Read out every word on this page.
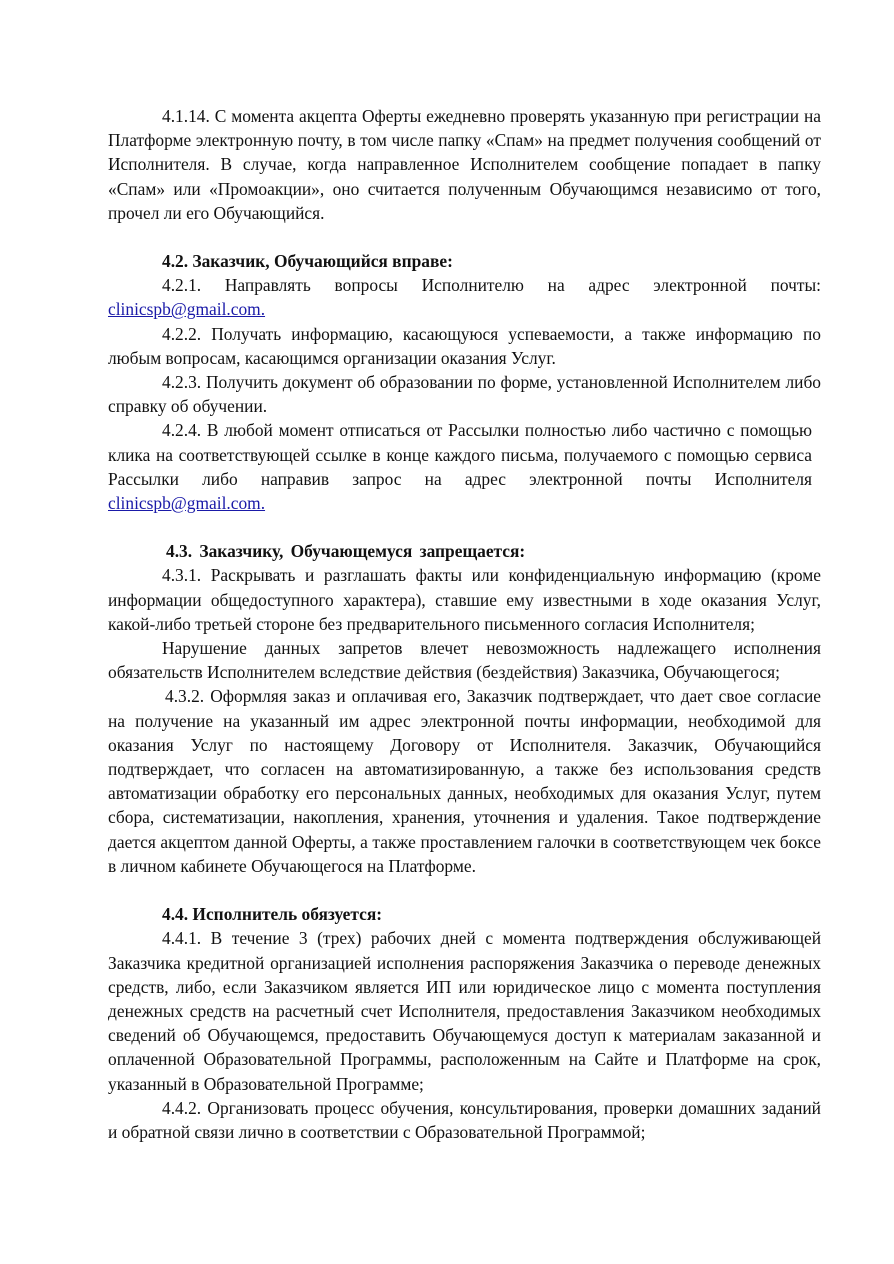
4.1.14. С момента акцепта Оферты ежедневно проверять указанную при регистрации на Платформе электронную почту, в том числе папку «Спам» на предмет получения сообщений от Исполнителя. В случае, когда направленное Исполнителем сообщение попадает в папку «Спам» или «Промоакции», оно считается полученным Обучающимся независимо от того, прочел ли его Обучающийся.

4.2. Заказчик, Обучающийся вправе:

4.2.1. Направлять вопросы Исполнителю на адрес электронной почты: clinicspb@gmail.com.

4.2.2. Получать информацию, касающуюся успеваемости, а также информацию по любым вопросам, касающимся организации оказания Услуг.

4.2.3. Получить документ об образовании по форме, установленной Исполнителем либо справку об обучении.

4.2.4. В любой момент отписаться от Рассылки полностью либо частично с помощью клика на соответствующей ссылке в конце каждого письма, получаемого с помощью сервиса Рассылки либо направив запрос на адрес электронной почты Исполнителя clinicspb@gmail.com.

4.3. Заказчику, Обучающемуся запрещается:

4.3.1. Раскрывать и разглашать факты или конфиденциальную информацию (кроме информации общедоступного характера), ставшие ему известными в ходе оказания Услуг, какой-либо третьей стороне без предварительного письменного согласия Исполнителя;

Нарушение данных запретов влечет невозможность надлежащего исполнения обязательств Исполнителем вследствие действия (бездействия) Заказчика, Обучающегося;

4.3.2. Оформляя заказ и оплачивая его, Заказчик подтверждает, что дает свое согласие на получение на указанный им адрес электронной почты информации, необходимой для оказания Услуг по настоящему Договору от Исполнителя. Заказчик, Обучающийся подтверждает, что согласен на автоматизированную, а также без использования средств автоматизации обработку его персональных данных, необходимых для оказания Услуг, путем сбора, систематизации, накопления, хранения, уточнения и удаления. Такое подтверждение дается акцептом данной Оферты, а также проставлением галочки в соответствующем чек боксе в личном кабинете Обучающегося на Платформе.

4.4. Исполнитель обязуется:

4.4.1. В течение 3 (трех) рабочих дней с момента подтверждения обслуживающей Заказчика кредитной организацией исполнения распоряжения Заказчика о переводе денежных средств, либо, если Заказчиком является ИП или юридическое лицо с момента поступления денежных средств на расчетный счет Исполнителя, предоставления Заказчиком необходимых сведений об Обучающемся, предоставить Обучающемуся доступ к материалам заказанной и оплаченной Образовательной Программы, расположенным на Сайте и Платформе на срок, указанный в Образовательной Программе;

4.4.2. Организовать процесс обучения, консультирования, проверки домашних заданий и обратной связи лично в соответствии с Образовательной Программой;
